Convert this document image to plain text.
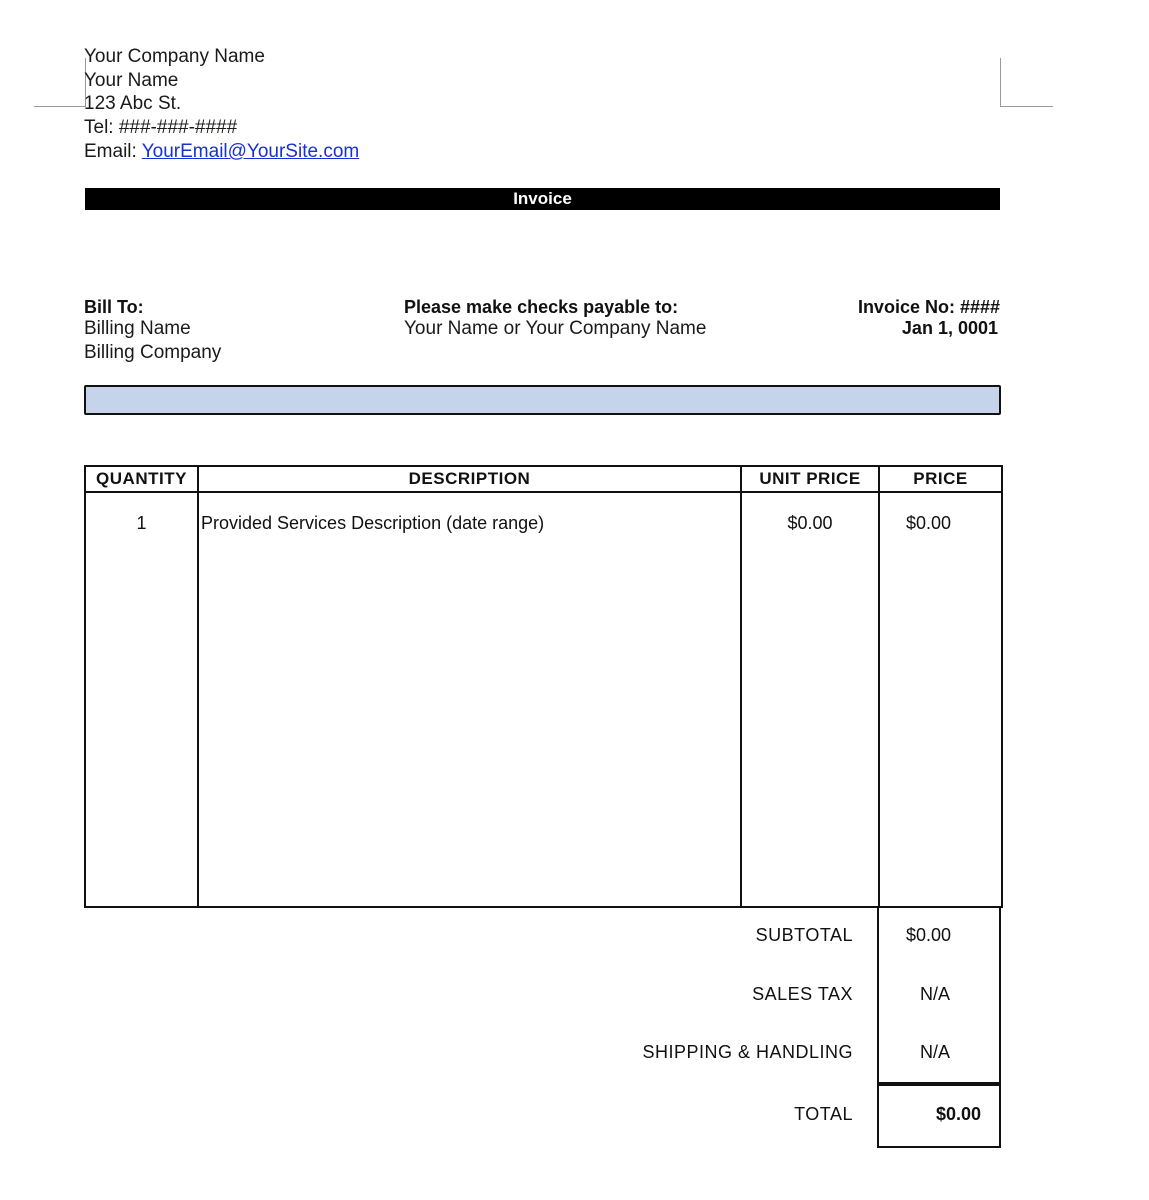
Your Company Name
Your Name
123 Abc St.
Tel: ###-###-####
Email: YourEmail@YourSite.com
Invoice
Bill To:
Billing Name
Billing Company
Please make checks payable to:
Your Name or Your Company Name
Invoice No: ####
Jan 1, 0001
QUANTITY	DESCRIPTION	UNIT PRICE	PRICE
1	Provided Services Description (date range)	$0.00	$0.00
SUBTOTAL	$0.00
SALES TAX	N/A
SHIPPING & HANDLING	N/A
TOTAL	$0.00
